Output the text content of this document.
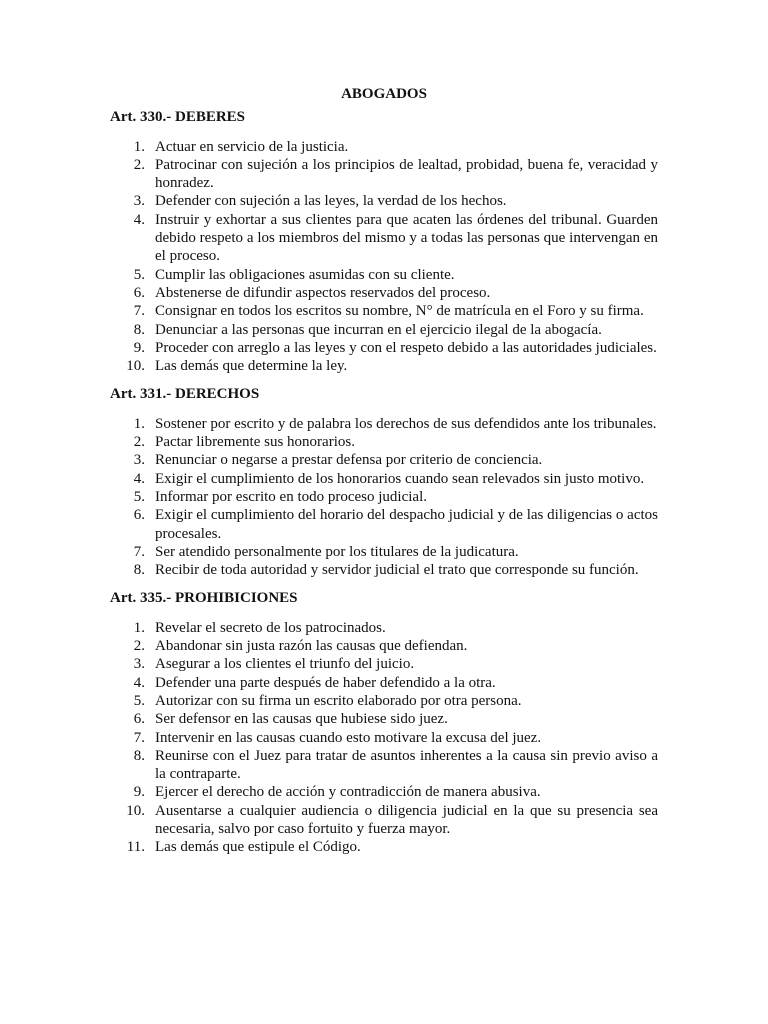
ABOGADOS

Art. 330.- DEBERES

1. Actuar en servicio de la justicia.
2. Patrocinar con sujeción a los principios de lealtad, probidad, buena fe, veracidad y honradez.
3. Defender con sujeción a las leyes, la verdad de los hechos.
4. Instruir y exhortar a sus clientes para que acaten las órdenes del tribunal. Guarden debido respeto a los miembros del mismo y a todas las personas que intervengan en el proceso.
5. Cumplir las obligaciones asumidas con su cliente.
6. Abstenerse de difundir aspectos reservados del proceso.
7. Consignar en todos los escritos su nombre, N° de matrícula en el Foro y su firma.
8. Denunciar a las personas que incurran en el ejercicio ilegal de la abogacía.
9. Proceder con arreglo a las leyes y con el respeto debido a las autoridades judiciales.
10. Las demás que determine la ley.

Art. 331.- DERECHOS

1. Sostener por escrito y de palabra los derechos de sus defendidos ante los tribunales.
2. Pactar libremente sus honorarios.
3. Renunciar o negarse a prestar defensa por criterio de conciencia.
4. Exigir el cumplimiento de los honorarios cuando sean relevados sin justo motivo.
5. Informar por escrito en todo proceso judicial.
6. Exigir el cumplimiento del horario del despacho judicial y de las diligencias o actos procesales.
7. Ser atendido personalmente por los titulares de la judicatura.
8. Recibir de toda autoridad y servidor judicial el trato que corresponde su función.

Art. 335.- PROHIBICIONES

1. Revelar el secreto de los patrocinados.
2. Abandonar sin justa razón las causas que defiendan.
3. Asegurar a los clientes el triunfo del juicio.
4. Defender una parte después de haber defendido a la otra.
5. Autorizar con su firma un escrito elaborado por otra persona.
6. Ser defensor en las causas que hubiese sido juez.
7. Intervenir en las causas cuando esto motivare la excusa del juez.
8. Reunirse con el Juez para tratar de asuntos inherentes a la causa sin previo aviso a la contraparte.
9. Ejercer el derecho de acción y contradicción de manera abusiva.
10. Ausentarse a cualquier audiencia o diligencia judicial en la que su presencia sea necesaria, salvo por caso fortuito y fuerza mayor.
11. Las demás que estipule el Código.
